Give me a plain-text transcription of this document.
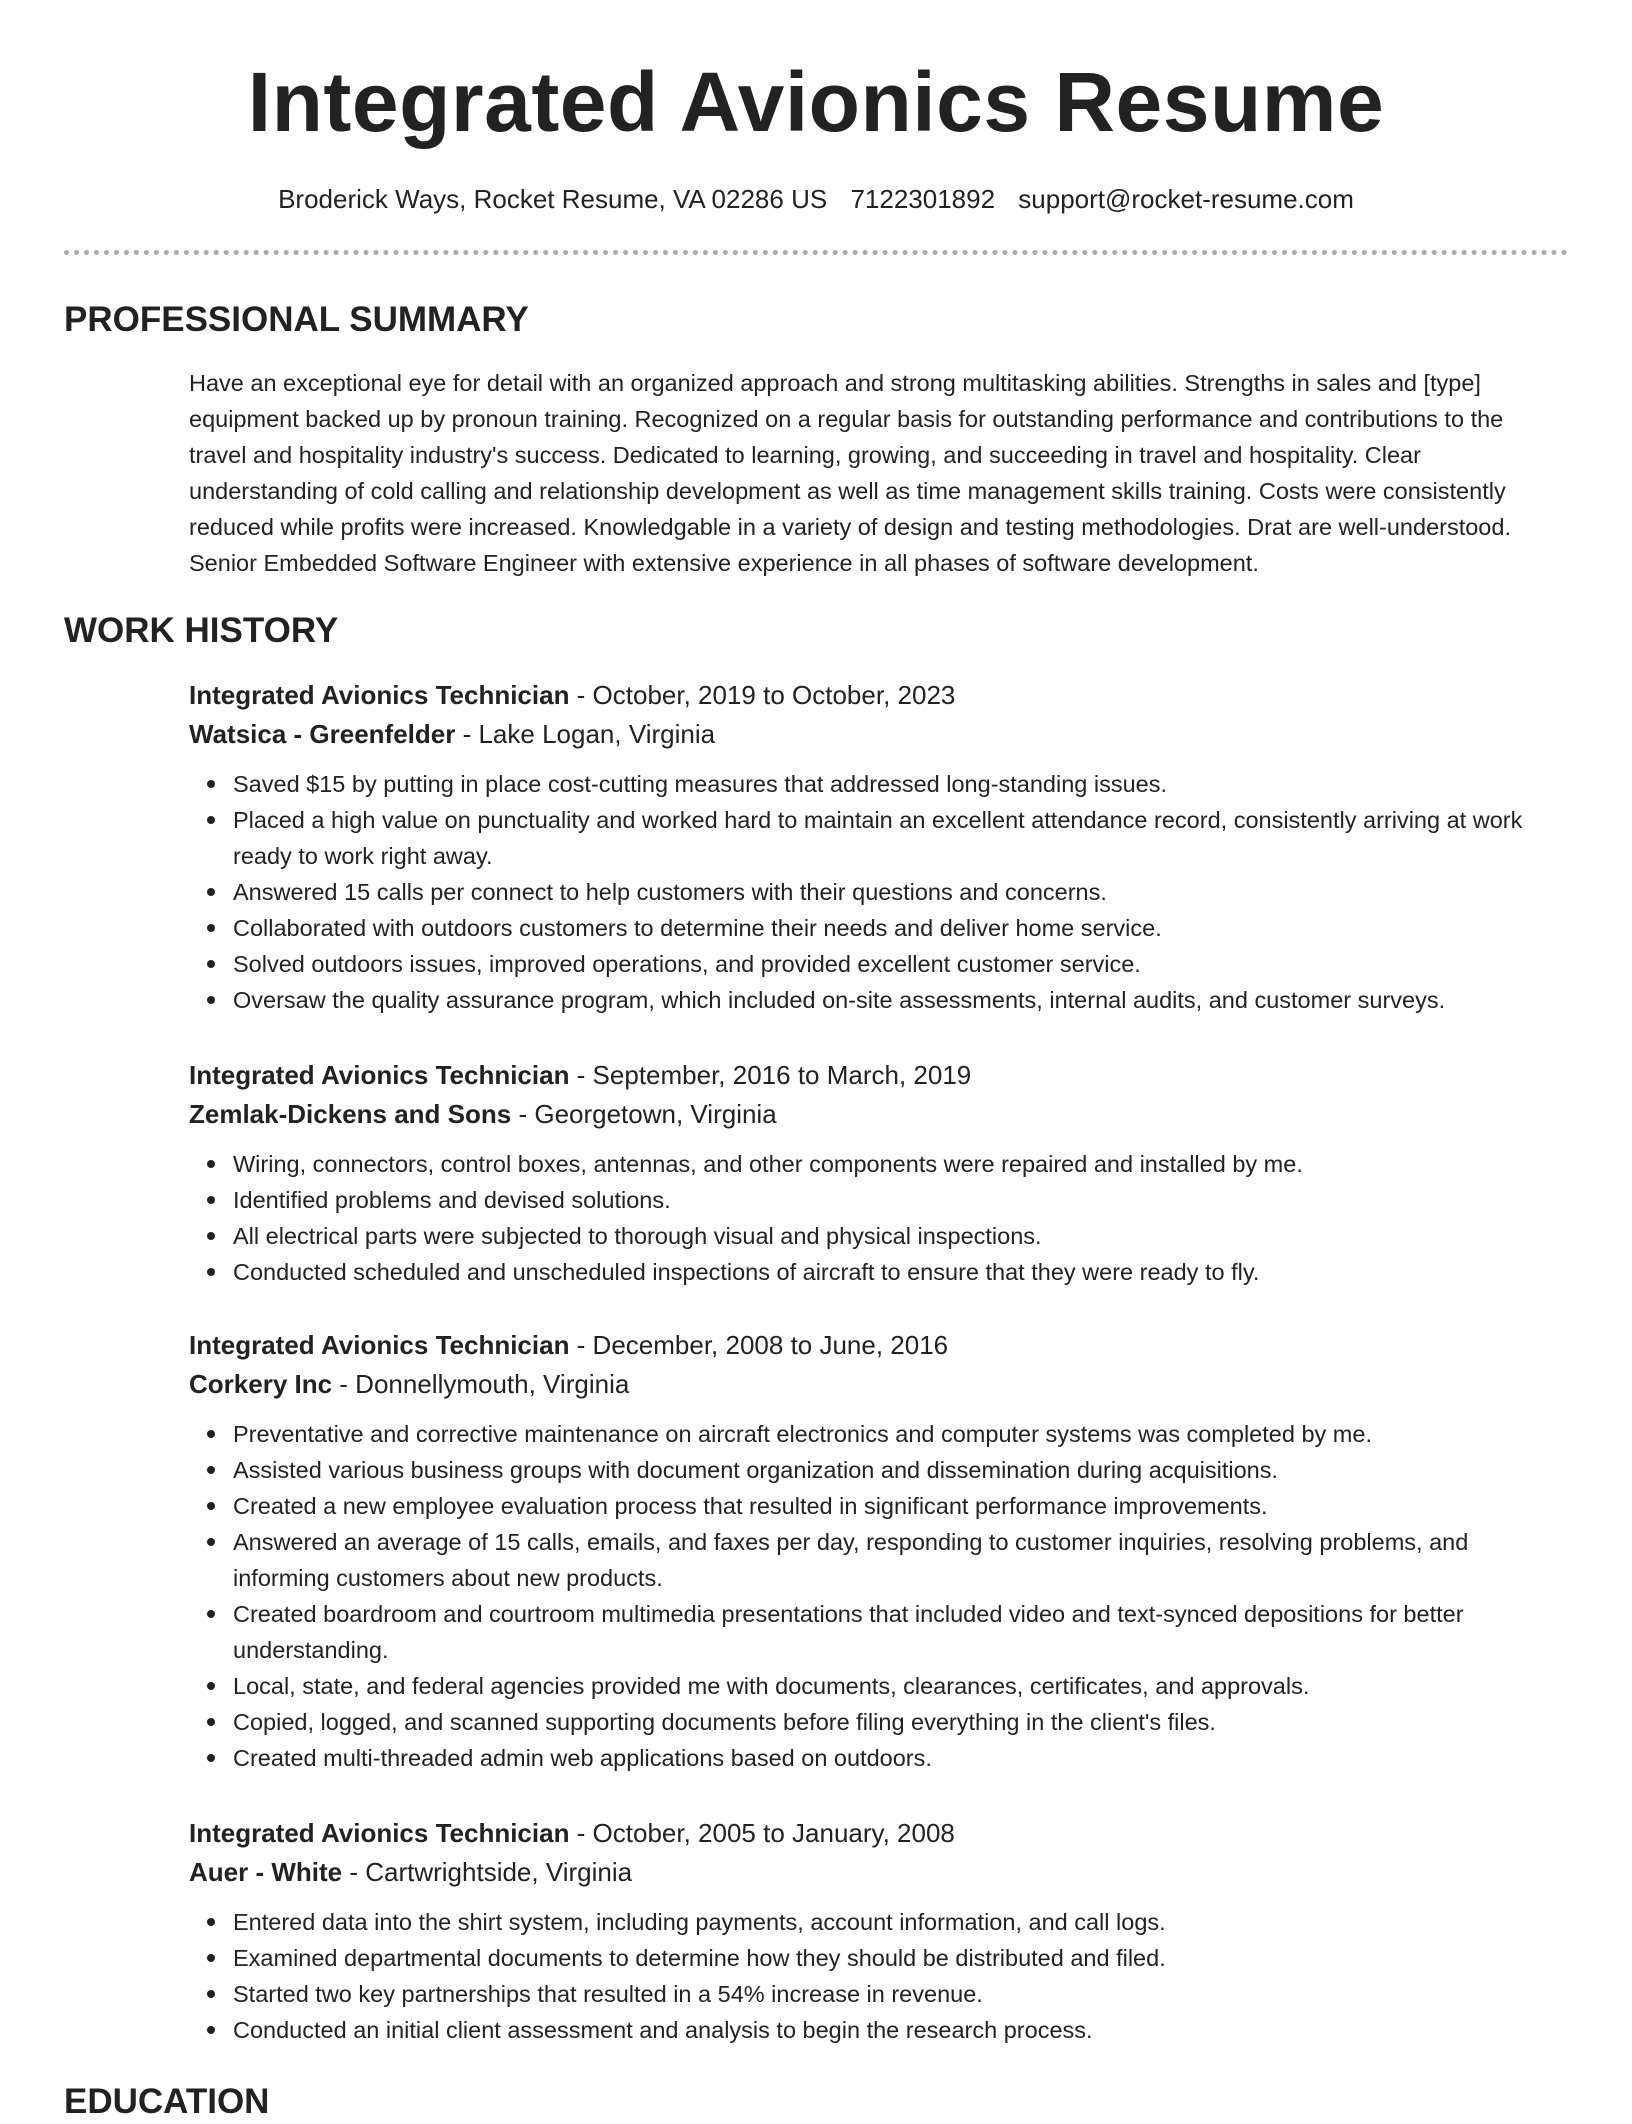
Integrated Avionics Resume
Broderick Ways, Rocket Resume, VA 02286 US 7122301892 support@rocket-resume.com
PROFESSIONAL SUMMARY

Have an exceptional eye for detail with an organized approach and strong multitasking abilities. Strengths in sales and [type] equipment backed up by pronoun training. Recognized on a regular basis for outstanding performance and contributions to the travel and hospitality industry's success. Dedicated to learning, growing, and succeeding in travel and hospitality. Clear understanding of cold calling and relationship development as well as time management skills training. Costs were consistently reduced while profits were increased. Knowledgable in a variety of design and testing methodologies. Drat are well-understood. Senior Embedded Software Engineer with extensive experience in all phases of software development.

WORK HISTORY
Integrated Avionics Technician - October, 2019 to October, 2023
Watsica - Greenfelder - Lake Logan, Virginia
Saved $15 by putting in place cost-cutting measures that addressed long-standing issues.
Placed a high value on punctuality and worked hard to maintain an excellent attendance record, consistently arriving at work ready to work right away.
Answered 15 calls per connect to help customers with their questions and concerns.
Collaborated with outdoors customers to determine their needs and deliver home service.
Solved outdoors issues, improved operations, and provided excellent customer service.
Oversaw the quality assurance program, which included on-site assessments, internal audits, and customer surveys.
Integrated Avionics Technician - September, 2016 to March, 2019
Zemlak-Dickens and Sons - Georgetown, Virginia
Wiring, connectors, control boxes, antennas, and other components were repaired and installed by me.
Identified problems and devised solutions.
All electrical parts were subjected to thorough visual and physical inspections.
Conducted scheduled and unscheduled inspections of aircraft to ensure that they were ready to fly.
Integrated Avionics Technician - December, 2008 to June, 2016
Corkery Inc - Donnellymouth, Virginia
Preventative and corrective maintenance on aircraft electronics and computer systems was completed by me.
Assisted various business groups with document organization and dissemination during acquisitions.
Created a new employee evaluation process that resulted in significant performance improvements.
Answered an average of 15 calls, emails, and faxes per day, responding to customer inquiries, resolving problems, and informing customers about new products.
Created boardroom and courtroom multimedia presentations that included video and text-synced depositions for better understanding.
Local, state, and federal agencies provided me with documents, clearances, certificates, and approvals.
Copied, logged, and scanned supporting documents before filing everything in the client's files.
Created multi-threaded admin web applications based on outdoors.
Integrated Avionics Technician - October, 2005 to January, 2008
Auer - White - Cartwrightside, Virginia
Entered data into the shirt system, including payments, account information, and call logs.
Examined departmental documents to determine how they should be distributed and filed.
Started two key partnerships that resulted in a 54% increase in revenue.
Conducted an initial client assessment and analysis to begin the research process.
EDUCATION
